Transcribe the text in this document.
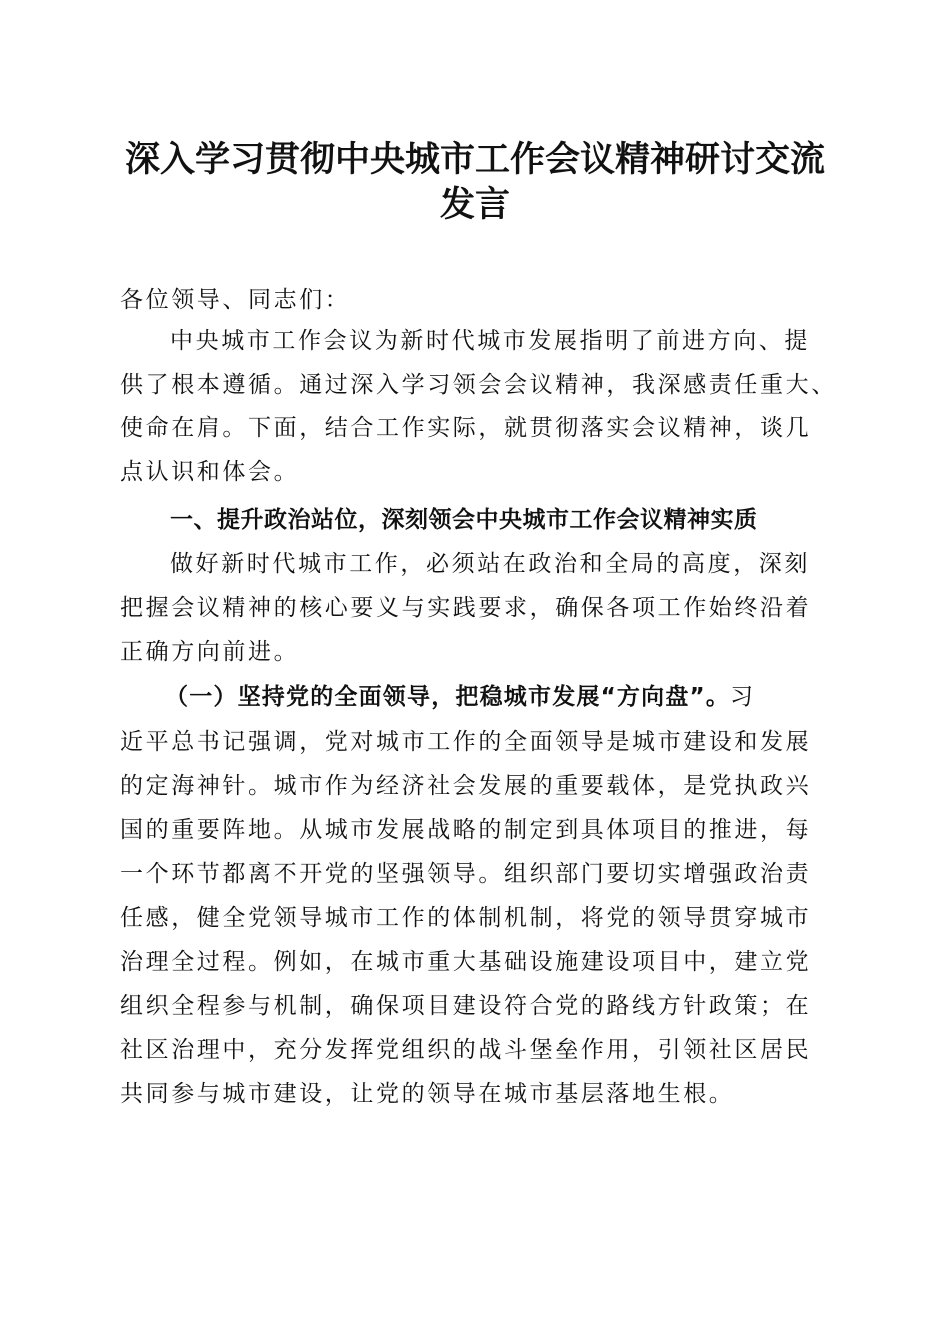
深入学习贯彻中央城市工作会议精神研讨交流
发言

各位领导、同志们：

中央城市工作会议为新时代城市发展指明了前进方向、提

供了根本遵循。通过深入学习领会会议精神，我深感责任重大、

使命在肩。下面，结合工作实际，就贯彻落实会议精神，谈几

点认识和体会。

一、提升政治站位，深刻领会中央城市工作会议精神实质

做好新时代城市工作，必须站在政治和全局的高度，深刻

把握会议精神的核心要义与实践要求，确保各项工作始终沿着

正确方向前进。

（一）坚持党的全面领导，把稳城市发展“方向盘”。习

近平总书记强调，党对城市工作的全面领导是城市建设和发展

的定海神针。城市作为经济社会发展的重要载体，是党执政兴

国的重要阵地。从城市发展战略的制定到具体项目的推进，每

一个环节都离不开党的坚强领导。组织部门要切实增强政治责

任感，健全党领导城市工作的体制机制，将党的领导贯穿城市

治理全过程。例如，在城市重大基础设施建设项目中，建立党

组织全程参与机制，确保项目建设符合党的路线方针政策；在

社区治理中，充分发挥党组织的战斗堡垒作用，引领社区居民

共同参与城市建设，让党的领导在城市基层落地生根。
